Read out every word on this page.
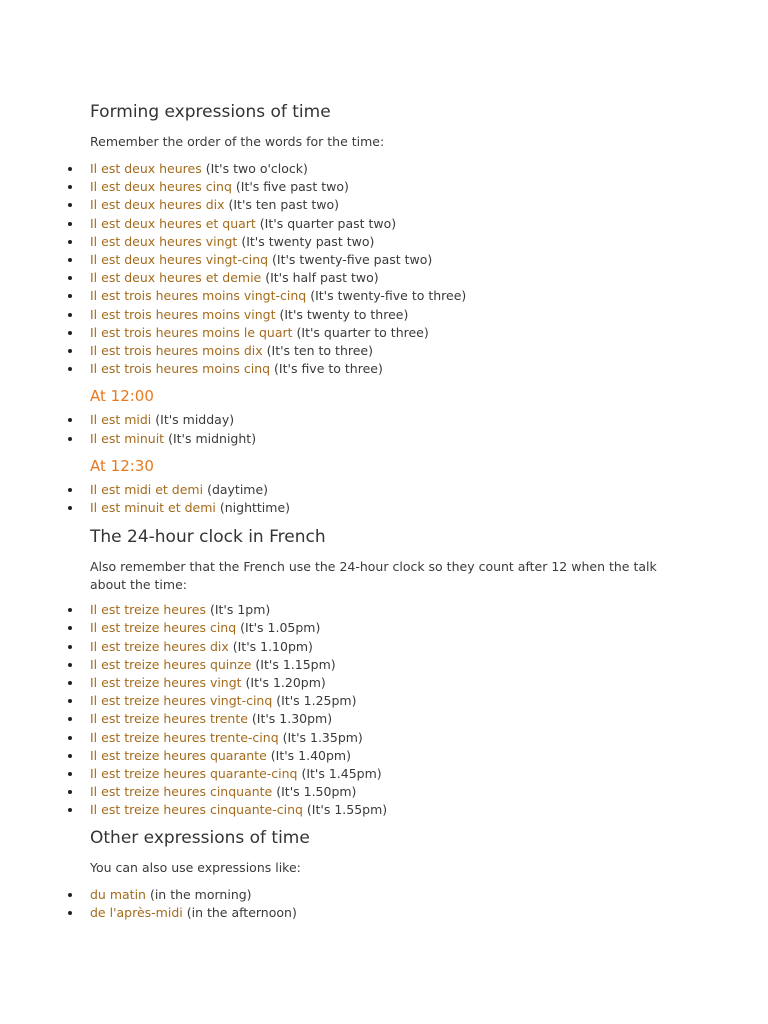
Forming expressions of time

Remember the order of the words for the time:

Il est deux heures (It's two o'clock)
Il est deux heures cinq (It's five past two)
Il est deux heures dix (It's ten past two)
Il est deux heures et quart (It's quarter past two)
Il est deux heures vingt (It's twenty past two)
Il est deux heures vingt-cinq (It's twenty-five past two)
Il est deux heures et demie (It's half past two)
Il est trois heures moins vingt-cinq (It's twenty-five to three)
Il est trois heures moins vingt (It's twenty to three)
Il est trois heures moins le quart (It's quarter to three)
Il est trois heures moins dix (It's ten to three)
Il est trois heures moins cinq (It's five to three)
At 12:00
Il est midi (It's midday)
Il est minuit (It's midnight)
At 12:30
Il est midi et demi (daytime)
Il est minuit et demi (nighttime)
The 24-hour clock in French

Also remember that the French use the 24-hour clock so they count after 12 when the talk about the time:

Il est treize heures (It's 1pm)
Il est treize heures cinq (It's 1.05pm)
Il est treize heures dix (It's 1.10pm)
Il est treize heures quinze (It's 1.15pm)
Il est treize heures vingt (It's 1.20pm)
Il est treize heures vingt-cinq (It's 1.25pm)
Il est treize heures trente (It's 1.30pm)
Il est treize heures trente-cinq (It's 1.35pm)
Il est treize heures quarante (It's 1.40pm)
Il est treize heures quarante-cinq (It's 1.45pm)
Il est treize heures cinquante (It's 1.50pm)
Il est treize heures cinquante-cinq (It's 1.55pm)
Other expressions of time

You can also use expressions like:

du matin (in the morning)
de l'après-midi (in the afternoon)
